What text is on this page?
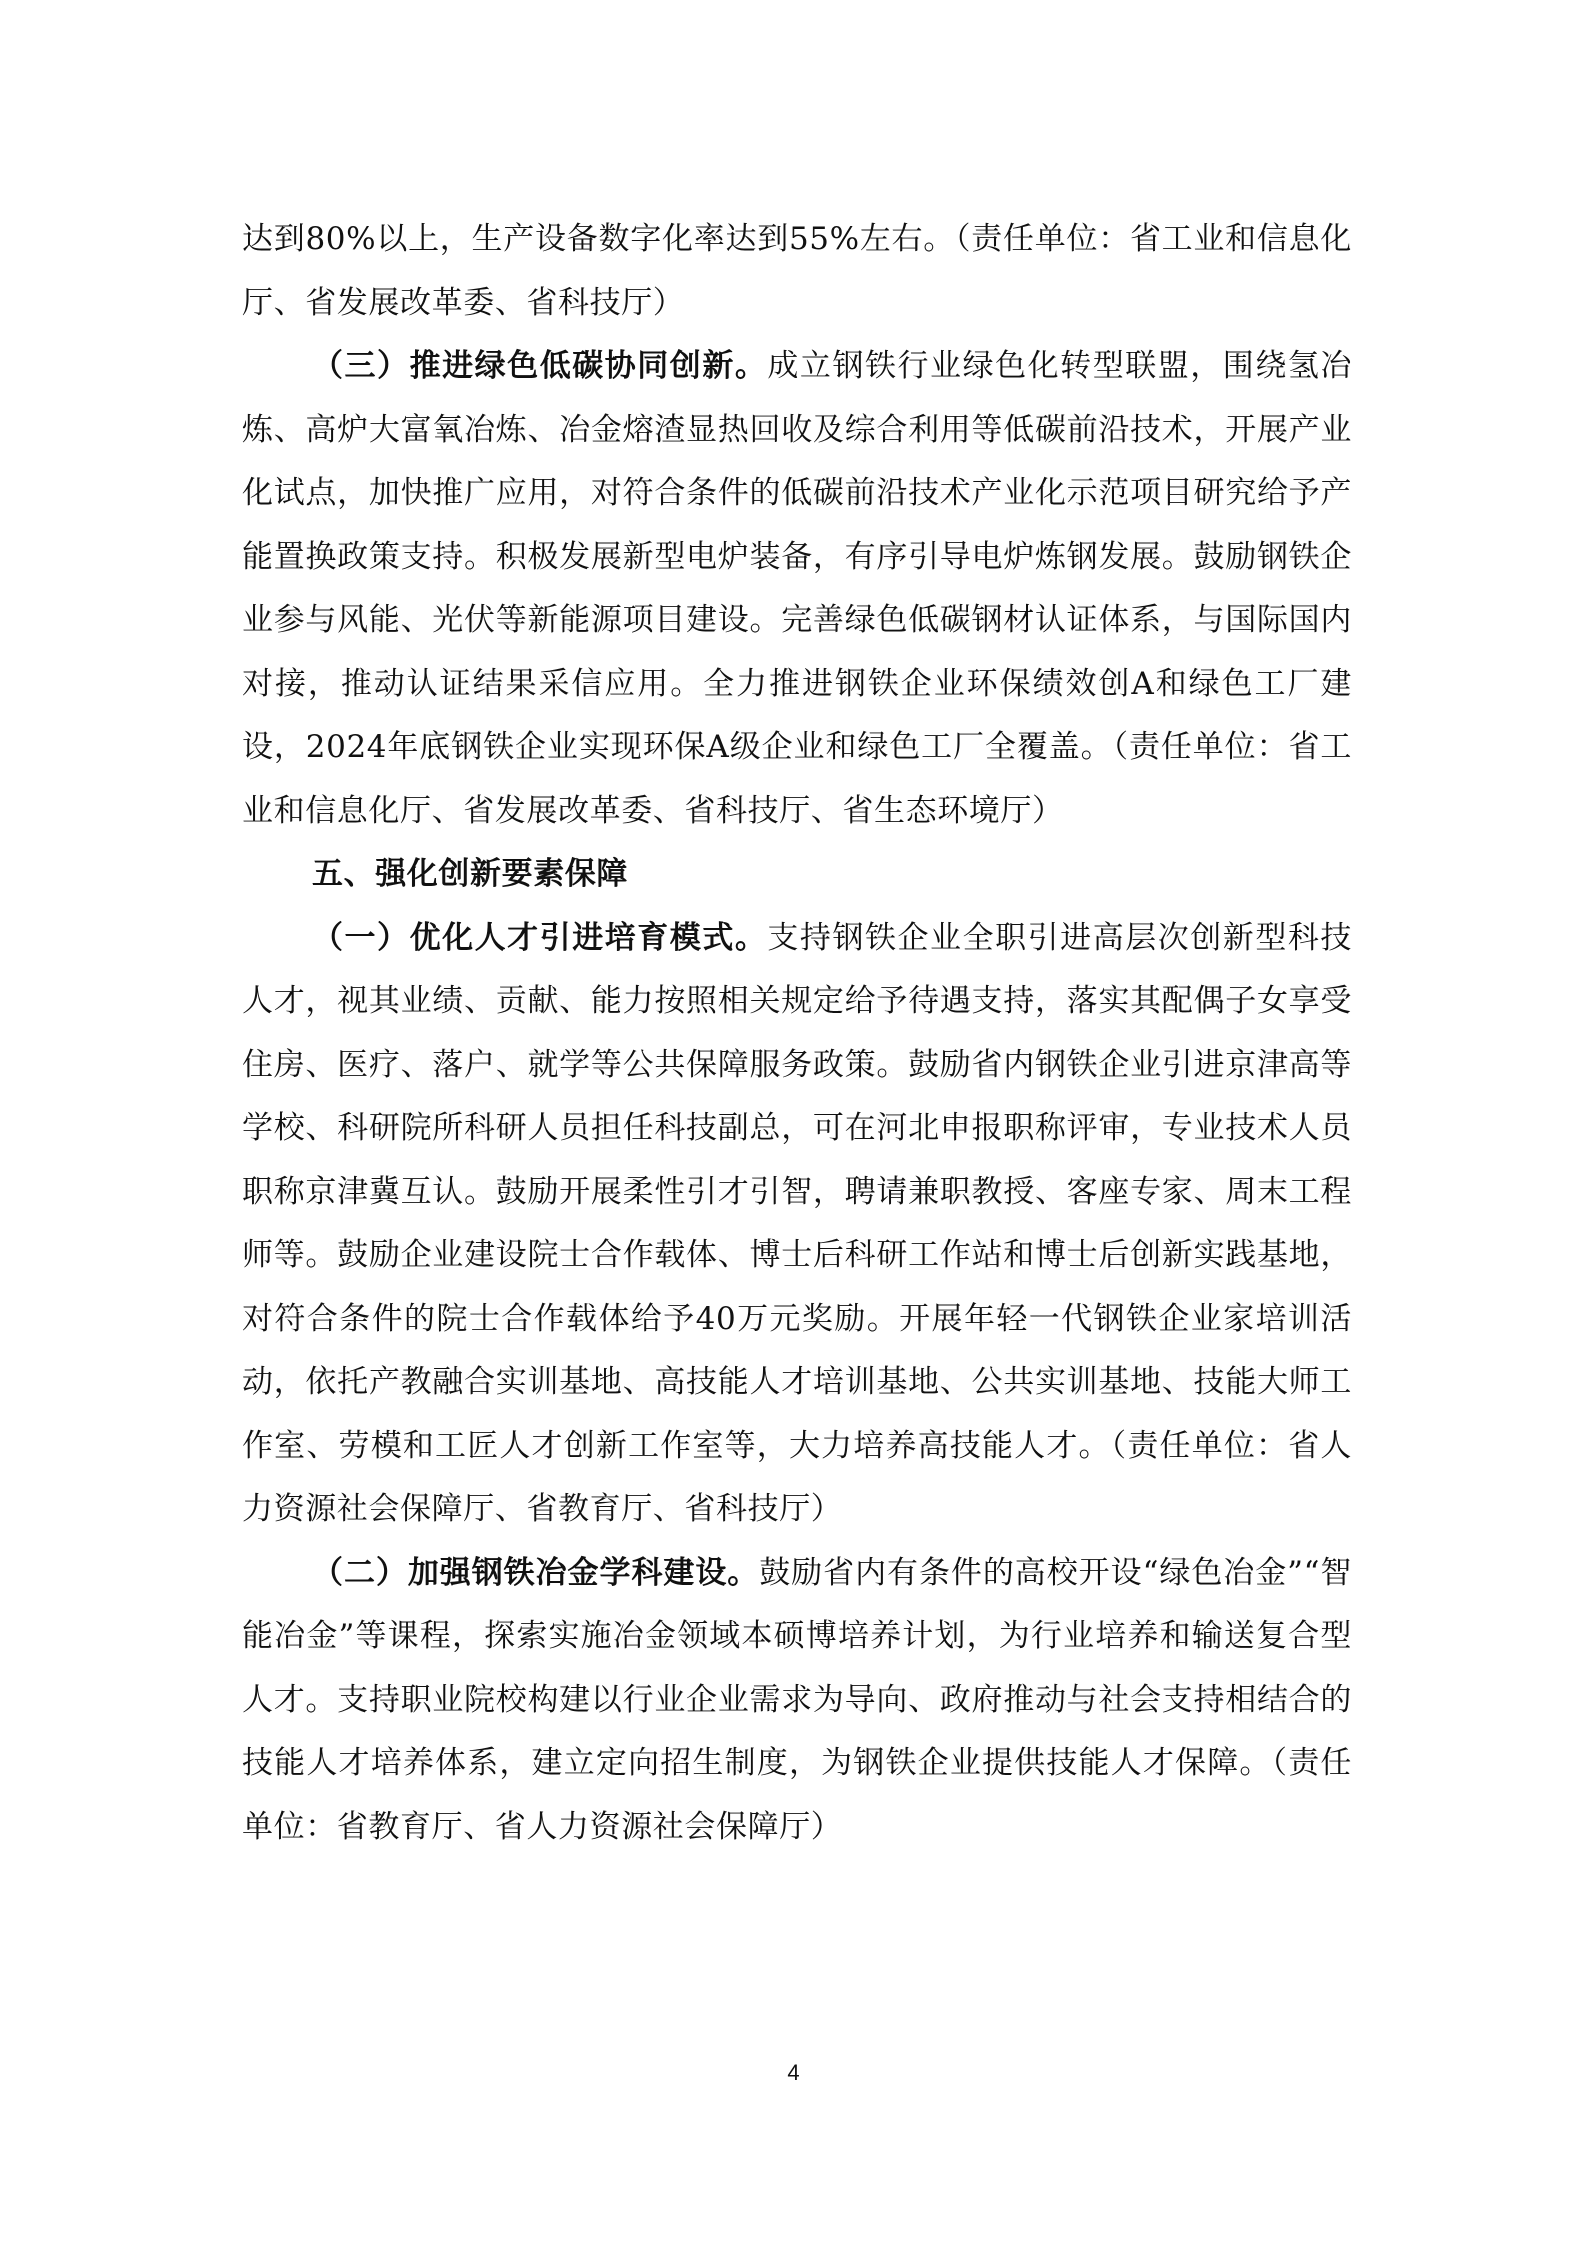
达到80%以上，生产设备数字化率达到55%左右。（责任单位：省工业和信息化厅、省发展改革委、省科技厅）

（三）推进绿色低碳协同创新。成立钢铁行业绿色化转型联盟，围绕氢冶炼、高炉大富氧冶炼、冶金熔渣显热回收及综合利用等低碳前沿技术，开展产业化试点，加快推广应用，对符合条件的低碳前沿技术产业化示范项目研究给予产能置换政策支持。积极发展新型电炉装备，有序引导电炉炼钢发展。鼓励钢铁企业参与风能、光伏等新能源项目建设。完善绿色低碳钢材认证体系，与国际国内对接，推动认证结果采信应用。全力推进钢铁企业环保绩效创A和绿色工厂建设，2024年底钢铁企业实现环保A级企业和绿色工厂全覆盖。（责任单位：省工业和信息化厅、省发展改革委、省科技厅、省生态环境厅）

五、强化创新要素保障

（一）优化人才引进培育模式。支持钢铁企业全职引进高层次创新型科技人才，视其业绩、贡献、能力按照相关规定给予待遇支持，落实其配偶子女享受住房、医疗、落户、就学等公共保障服务政策。鼓励省内钢铁企业引进京津高等学校、科研院所科研人员担任科技副总，可在河北申报职称评审，专业技术人员职称京津冀互认。鼓励开展柔性引才引智，聘请兼职教授、客座专家、周末工程师等。鼓励企业建设院士合作载体、博士后科研工作站和博士后创新实践基地，对符合条件的院士合作载体给予40万元奖励。开展年轻一代钢铁企业家培训活动，依托产教融合实训基地、高技能人才培训基地、公共实训基地、技能大师工作室、劳模和工匠人才创新工作室等，大力培养高技能人才。（责任单位：省人力资源社会保障厅、省教育厅、省科技厅）

（二）加强钢铁冶金学科建设。鼓励省内有条件的高校开设“绿色冶金”“智能冶金”等课程，探索实施冶金领域本硕博培养计划，为行业培养和输送复合型人才。支持职业院校构建以行业企业需求为导向、政府推动与社会支持相结合的技能人才培养体系，建立定向招生制度，为钢铁企业提供技能人才保障。（责任单位：省教育厅、省人力资源社会保障厅）

4
